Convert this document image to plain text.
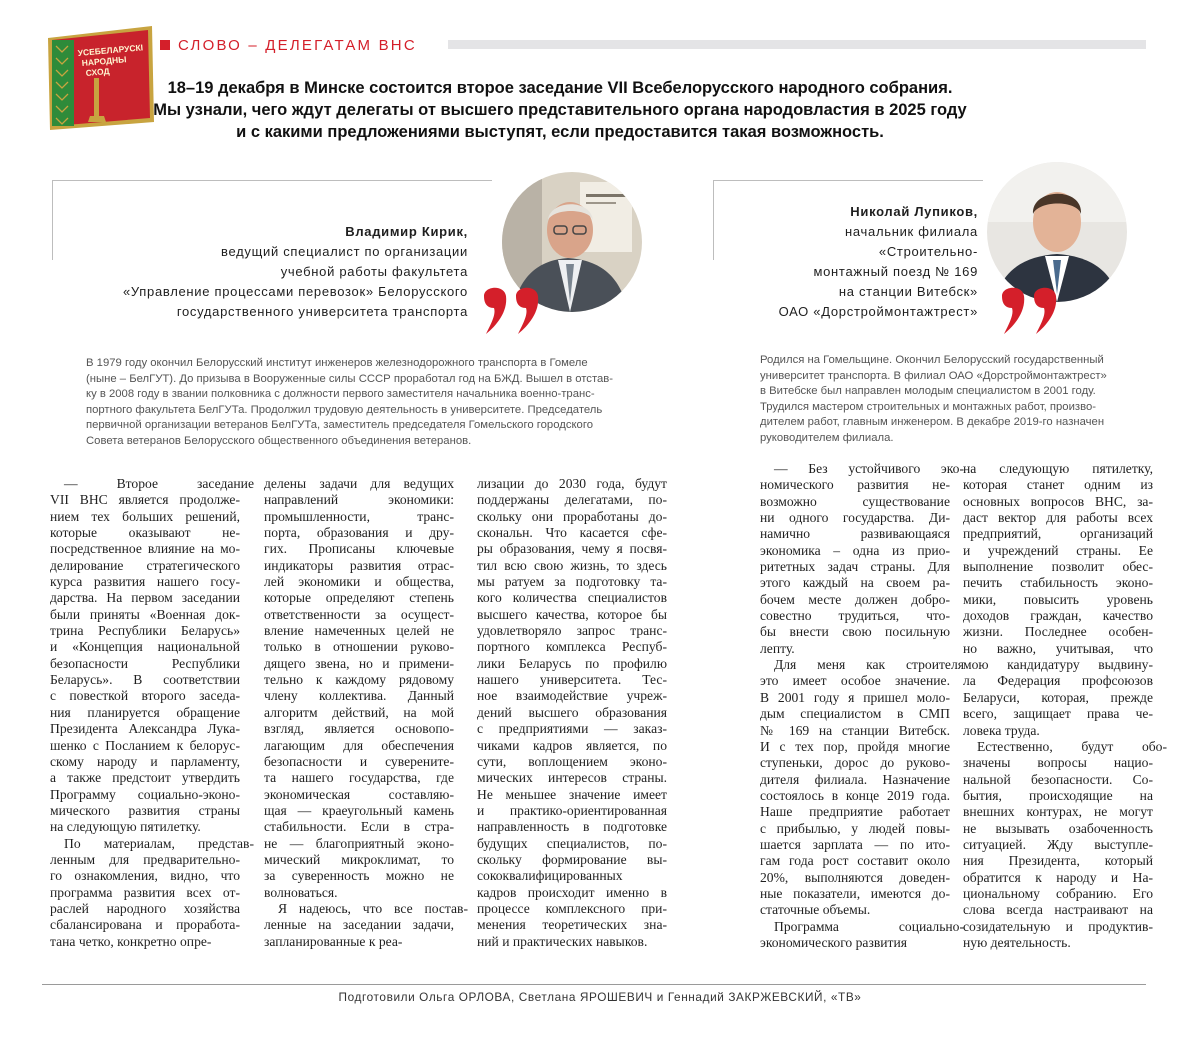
УСЕБЕЛАРУСКІ
НАРОДНЫ
СХОД
СЛОВО – ДЕЛЕГАТАМ ВНС
18–19 декабря в Минске состоится второе заседание VII Всебелорусского народного собрания.
Мы узнали, чего ждут делегаты от высшего представительного органа народовластия в 2025 году
и с какими предложениями выступят, если предоставится такая возможность.
Владимир Кирик,
ведущий специалист по организации
учебной работы факультета
«Управление процессами перевозок» Белорусского
государственного университета транспорта
В 1979 году окончил Белорусский институт инженеров железнодорожного транспорта в Гомеле
(ныне – БелГУТ). До призыва в Вооруженные силы СССР проработал год на БЖД. Вышел в отстав-
ку в 2008 году в звании полковника с должности первого заместителя начальника военно-транс-
портного факультета БелГУТа. Продолжил трудовую деятельность в университете. Председатель
первичной организации ветеранов БелГУТа, заместитель председателя Гомельского городского
Совета ветеранов Белорусского общественного объединения ветеранов.
— Второе заседание
VII ВНС является продолже-
нием тех больших решений,
которые оказывают не-
посредственное влияние на мо-
делирование стратегического
курса развития нашего госу-
дарства. На первом заседании
были приняты «Военная док-
трина Республики Беларусь»
и «Концепция национальной
безопасности Республики
Беларусь». В соответствии
с повесткой второго заседа-
ния планируется обращение
Президента Александра Лука-
шенко с Посланием к белорус-
скому народу и парламенту,
а также предстоит утвердить
Программу социально-эконо-
мического развития страны
на следующую пятилетку.
По материалам, представ-
ленным для предварительно-
го ознакомления, видно, что
программа развития всех от-
раслей народного хозяйства
сбалансирована и проработа-
тана четко, конкретно опре-
делены задачи для ведущих
направлений экономики:
промышленности, транс-
порта, образования и дру-
гих. Прописаны ключевые
индикаторы развития отрас-
лей экономики и общества,
которые определяют степень
ответственности за осущест-
вление намеченных целей не
только в отношении руково-
дящего звена, но и примени-
тельно к каждому рядовому
члену коллектива. Данный
алгоритм действий, на мой
взгляд, является основопо-
лагающим для обеспечения
безопасности и суверените-
та нашего государства, где
экономическая составляю-
щая — краеугольный камень
стабильности. Если в стра-
не — благоприятный эконо-
мический микроклимат, то
за суверенность можно не
волноваться.
Я надеюсь, что все постав-
ленные на заседании задачи,
запланированные к реа-
лизации до 2030 года, будут
поддержаны делегатами, по-
скольку они проработаны до-
скональн. Что касается сфе-
ры образования, чему я посвя-
тил всю свою жизнь, то здесь
мы ратуем за подготовку та-
кого количества специалистов
высшего качества, которое бы
удовлетворяло запрос транс-
портного комплекса Респуб-
лики Беларусь по профилю
нашего университета. Тес-
ное взаимодействие учреж-
дений высшего образования
с предприятиями — заказ-
чиками кадров является, по
сути, воплощением эконо-
мических интересов страны.
Не меньшее значение имеет
и практико-ориентированная
направленность в подготовке
будущих специалистов, по-
скольку формирование вы-
сококвалифицированных
кадров происходит именно в
процессе комплексного при-
менения теоретических зна-
ний и практических навыков.
Николай Лупиков,
начальник филиала
«Строительно-
монтажный поезд № 169
на станции Витебск»
ОАО «Дорстроймонтажтрест»
Родился на Гомельщине. Окончил Белорусский государственный
университет транспорта. В филиал ОАО «Дорстроймонтажтрест»
в Витебске был направлен молодым специалистом в 2001 году.
Трудился мастером строительных и монтажных работ, произво-
дителем работ, главным инженером. В декабре 2019-го назначен
руководителем филиала.
— Без устойчивого эко-
номического развития не-
возможно существование
ни одного государства. Ди-
намично развивающаяся
экономика – одна из прио-
ритетных задач страны. Для
этого каждый на своем ра-
бочем месте должен добро-
совестно трудиться, что-
бы внести свою посильную
лепту.
Для меня как строителя
это имеет особое значение.
В 2001 году я пришел моло-
дым специалистом в СМП
№ 169 на станции Витебск.
И с тех пор, пройдя многие
ступеньки, дорос до руково-
дителя филиала. Назначение
состоялось в конце 2019 года.
Наше предприятие работает
с прибылью, у людей повы-
шается зарплата — по ито-
гам года рост составит около
20%, выполняются доведен-
ные показатели, имеются до-
статочные объемы.
Программа социально-
экономического развития
на следующую пятилетку,
которая станет одним из
основных вопросов ВНС, за-
даст вектор для работы всех
предприятий, организаций
и учреждений страны. Ее
выполнение позволит обес-
печить стабильность эконо-
мики, повысить уровень
доходов граждан, качество
жизни. Последнее особен-
но важно, учитывая, что
мою кандидатуру выдвину-
ла Федерация профсоюзов
Беларуси, которая, прежде
всего, защищает права че-
ловека труда.
Естественно, будут обо-
значены вопросы нацио-
нальной безопасности. Со-
бытия, происходящие на
внешних контурах, не могут
не вызывать озабоченность
ситуацией. Жду выступле-
ния Президента, который
обратится к народу и На-
циональному собранию. Его
слова всегда настраивают на
созидательную и продуктив-
ную деятельность.
Подготовили Ольга ОРЛОВА, Светлана ЯРОШЕВИЧ и Геннадий ЗАКРЖЕВСКИЙ, «ТВ»
